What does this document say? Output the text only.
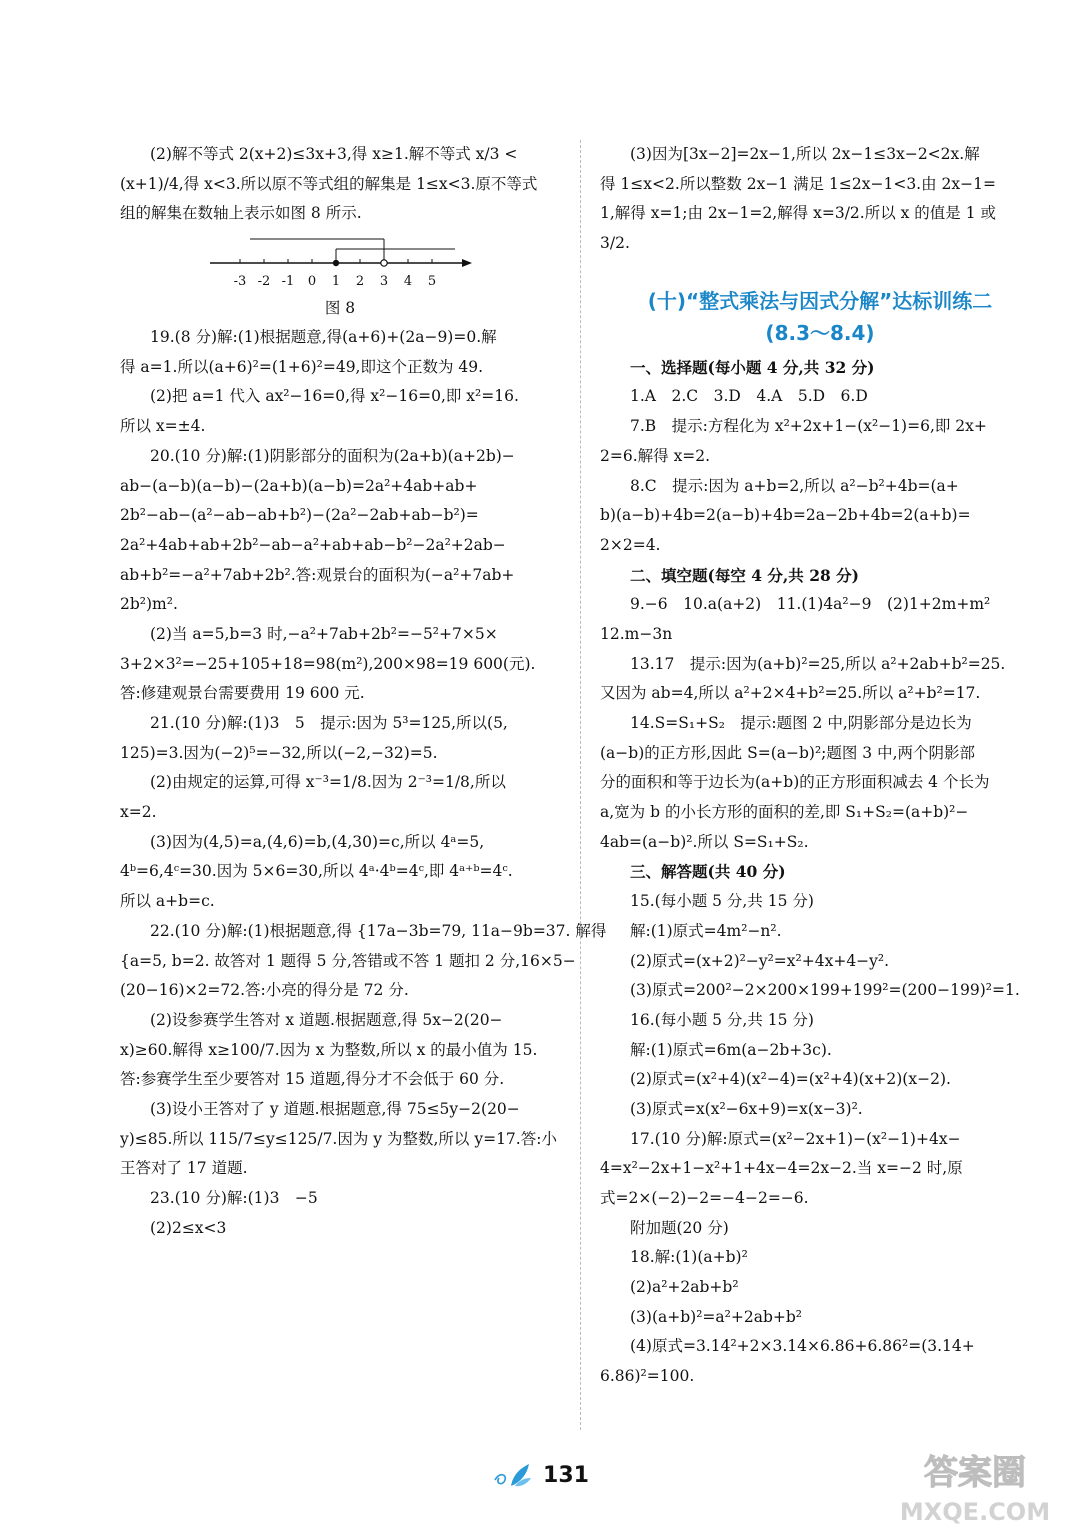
(2)解不等式 2(x+2)≤3x+3,得 x≥1.解不等式 x/3 <
(x+1)/4,得 x<3.所以原不等式组的解集是 1≤x<3.原不等式
组的解集在数轴上表示如图 8 所示.
-3 -2 -1 0 1 2 3 4 5
图 8
19.(8 分)解:(1)根据题意,得(a+6)+(2a−9)=0.解
得 a=1.所以(a+6)²=(1+6)²=49,即这个正数为 49.
(2)把 a=1 代入 ax²−16=0,得 x²−16=0,即 x²=16.
所以 x=±4.
20.(10 分)解:(1)阴影部分的面积为(2a+b)(a+2b)−
ab−(a−b)(a−b)−(2a+b)(a−b)=2a²+4ab+ab+
2b²−ab−(a²−ab−ab+b²)−(2a²−2ab+ab−b²)=
2a²+4ab+ab+2b²−ab−a²+ab+ab−b²−2a²+2ab−
ab+b²=−a²+7ab+2b².答:观景台的面积为(−a²+7ab+
2b²)m².
(2)当 a=5,b=3 时,−a²+7ab+2b²=−5²+7×5×
3+2×3²=−25+105+18=98(m²),200×98=19 600(元).
答:修建观景台需要费用 19 600 元.
21.(10 分)解:(1)3　5　提示:因为 5³=125,所以(5,
125)=3.因为(−2)⁵=−32,所以(−2,−32)=5.
(2)由规定的运算,可得 x⁻³=1/8.因为 2⁻³=1/8,所以
x=2.
(3)因为(4,5)=a,(4,6)=b,(4,30)=c,所以 4ᵃ=5,
4ᵇ=6,4ᶜ=30.因为 5×6=30,所以 4ᵃ·4ᵇ=4ᶜ,即 4ᵃ⁺ᵇ=4ᶜ.
所以 a+b=c.
22.(10 分)解:(1)根据题意,得 {17a−3b=79, 11a−9b=37. 解得
{a=5, b=2. 故答对 1 题得 5 分,答错或不答 1 题扣 2 分,16×5−
(20−16)×2=72.答:小亮的得分是 72 分.
(2)设参赛学生答对 x 道题.根据题意,得 5x−2(20−
x)≥60.解得 x≥100/7.因为 x 为整数,所以 x 的最小值为 15.
答:参赛学生至少要答对 15 道题,得分才不会低于 60 分.
(3)设小王答对了 y 道题.根据题意,得 75≤5y−2(20−
y)≤85.所以 115/7≤y≤125/7.因为 y 为整数,所以 y=17.答:小
王答对了 17 道题.
23.(10 分)解:(1)3　−5
(2)2≤x<3
(3)因为[3x−2]=2x−1,所以 2x−1≤3x−2<2x.解
得 1≤x<2.所以整数 2x−1 满足 1≤2x−1<3.由 2x−1=
1,解得 x=1;由 2x−1=2,解得 x=3/2.所以 x 的值是 1 或
3/2.
(十)“整式乘法与因式分解”达标训练二
(8.3～8.4)
一、选择题(每小题 4 分,共 32 分)
1.A　2.C　3.D　4.A　5.D　6.D
7.B　提示:方程化为 x²+2x+1−(x²−1)=6,即 2x+
2=6.解得 x=2.
8.C　提示:因为 a+b=2,所以 a²−b²+4b=(a+
b)(a−b)+4b=2(a−b)+4b=2a−2b+4b=2(a+b)=
2×2=4.
二、填空题(每空 4 分,共 28 分)
9.−6　10.a(a+2)　11.(1)4a²−9　(2)1+2m+m²
12.m−3n
13.17　提示:因为(a+b)²=25,所以 a²+2ab+b²=25.
又因为 ab=4,所以 a²+2×4+b²=25.所以 a²+b²=17.
14.S=S₁+S₂　提示:题图 2 中,阴影部分是边长为
(a−b)的正方形,因此 S=(a−b)²;题图 3 中,两个阴影部
分的面积和等于边长为(a+b)的正方形面积减去 4 个长为
a,宽为 b 的小长方形的面积的差,即 S₁+S₂=(a+b)²−
4ab=(a−b)².所以 S=S₁+S₂.
三、解答题(共 40 分)
15.(每小题 5 分,共 15 分)
解:(1)原式=4m²−n².
(2)原式=(x+2)²−y²=x²+4x+4−y².
(3)原式=200²−2×200×199+199²=(200−199)²=1.
16.(每小题 5 分,共 15 分)
解:(1)原式=6m(a−2b+3c).
(2)原式=(x²+4)(x²−4)=(x²+4)(x+2)(x−2).
(3)原式=x(x²−6x+9)=x(x−3)².
17.(10 分)解:原式=(x²−2x+1)−(x²−1)+4x−
4=x²−2x+1−x²+1+4x−4=2x−2.当 x=−2 时,原
式=2×(−2)−2=−4−2=−6.
附加题(20 分)
18.解:(1)(a+b)²
(2)a²+2ab+b²
(3)(a+b)²=a²+2ab+b²
(4)原式=3.14²+2×3.14×6.86+6.86²=(3.14+
6.86)²=100.
131	答案圈
MXQE.COM
